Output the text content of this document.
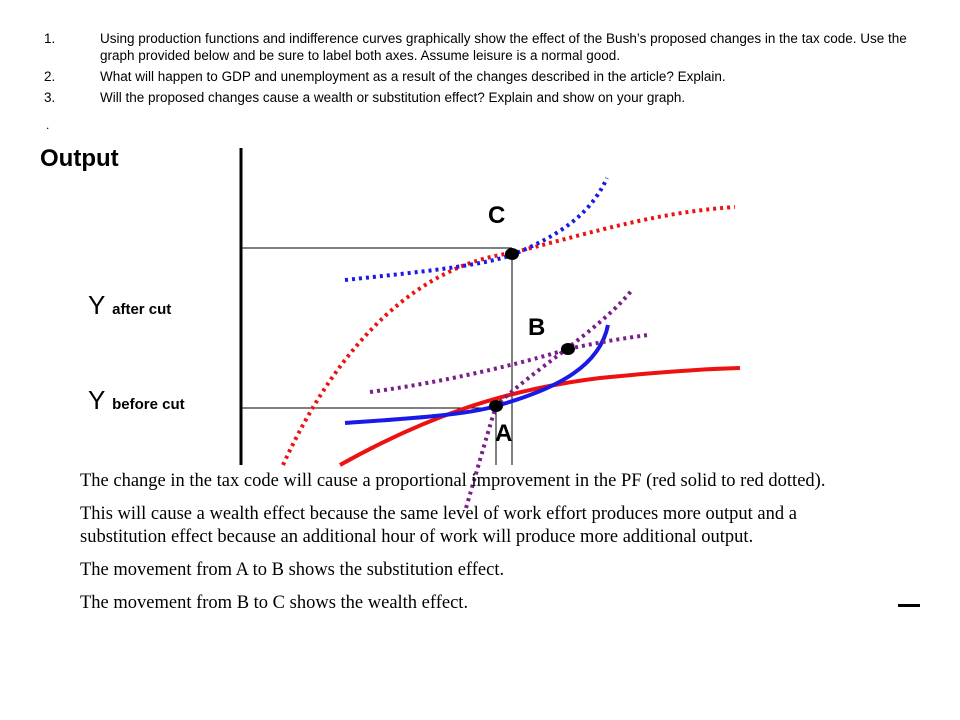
1.	Using production functions and indifference curves graphically show the effect of the Bush’s proposed changes in the tax code. Use the graph provided below and be sure to label both axes. Assume leisure is a normal good.
2.	What will happen to GDP and unemployment as a result of the changes described in the article? Explain.
3.	Will the proposed changes cause a wealth or substitution effect? Explain and show on your graph.
.
Output
Y after cut
Y before cut
C
B
A

The change in the tax code will cause a proportional improvement in the PF (red solid to red dotted).

This will cause a wealth effect because the same level of work effort produces more output and a substitution effect because an additional hour of work will produce more additional output.

The movement from A to B shows the substitution effect.

The movement from B to C shows the wealth effect.
